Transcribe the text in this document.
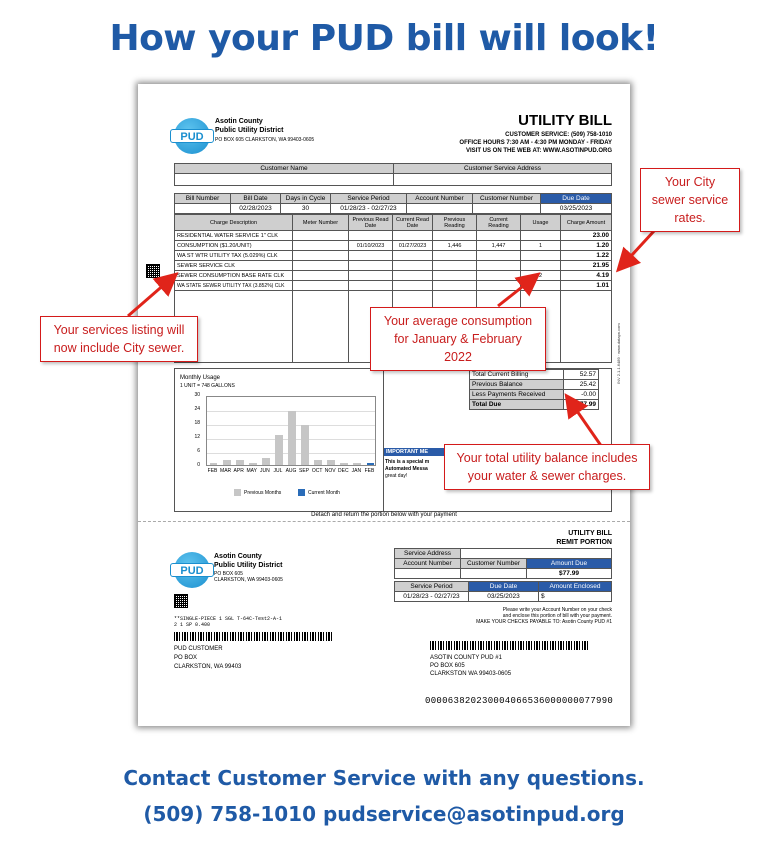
How your PUD bill will look!
PUD
Asotin County
Public Utility District
PO BOX 605 CLARKSTON, WA 99403-0605
UTILITY BILL
CUSTOMER SERVICE: (509) 758-1010
OFFICE HOURS 7:30 AM - 4:30 PM MONDAY - FRIDAY
VISIT US ON THE WEB AT: WWW.ASOTINPUD.ORG
Customer Name	Customer Service Address

Bill Number	Bill Date	Days in Cycle	Service Period	Account Number	Customer Number	Due Date
	02/28/2023	30	01/28/23 - 02/27/23			03/25/2023
Charge Description	Meter Number	Previous Read Date	Current Read Date	Previous Reading	Current Reading	Usage	Charge Amount
RESIDENTIAL WATER SERVICE 1" CLK							23.00
CONSUMPTION ($1.20/UNIT)		01/10/2023	01/27/2023	1,446	1,447	1	1.20
WA ST WTR UTILITY TAX (5.029%) CLK							1.22
SEWER SERVICE CLK							21.95
SEWER CONSUMPTION BASE RATE CLK						2	4.19
WA STATE SEWER UTILITY TAX (3.852%) CLK							1.01

Total Current Billing	52.57
Previous Balance	25.42
Less Payments Received	-0.00
Total Due	$77.99
Monthly Usage
1 UNIT = 748 GALLONS
30
24
18
12
6
0
FEB MAR APR MAY JUN JUL AUG SEP OCT NOV DEC JAN FEB
Previous Months	Current Month
IMPORTANT ME
This is a special m
Automated Messa
great day!
INV 2.1.1.6489 · www.datapn.com
Detach and return the portion below with your payment
UTILITY BILL
REMIT PORTION
PUD
Asotin County
Public Utility District
PO BOX 605
CLARKSTON, WA 99403-0605
Service Address		
Account Number	Customer Number	Amount Due
		$77.99
Service Period	Due Date	Amount Enclosed
01/28/23 - 02/27/23	03/25/2023	$
Please write your Account Number on your check
and enclose this portion of bill with your payment.
MAKE YOUR CHECKS PAYABLE TO: Asotin County PUD #1
**SINGLE-PIECE 1 SGL T-64C-Test2-A-1
2 1 SP 0.400
PUD CUSTOMER
PO BOX
CLARKSTON, WA 99403
ASOTIN COUNTY PUD #1
PO BOX 605
CLARKSTON WA 99403-0605
000063820230004066536000000077990
Your City sewer service rates.
Your services listing will
now include City sewer.
Your average consumption
for January & February 2022
Your total utility balance includes
your water & sewer charges.
Contact Customer Service with any questions.
(509) 758-1010 pudservice@asotinpud.org
